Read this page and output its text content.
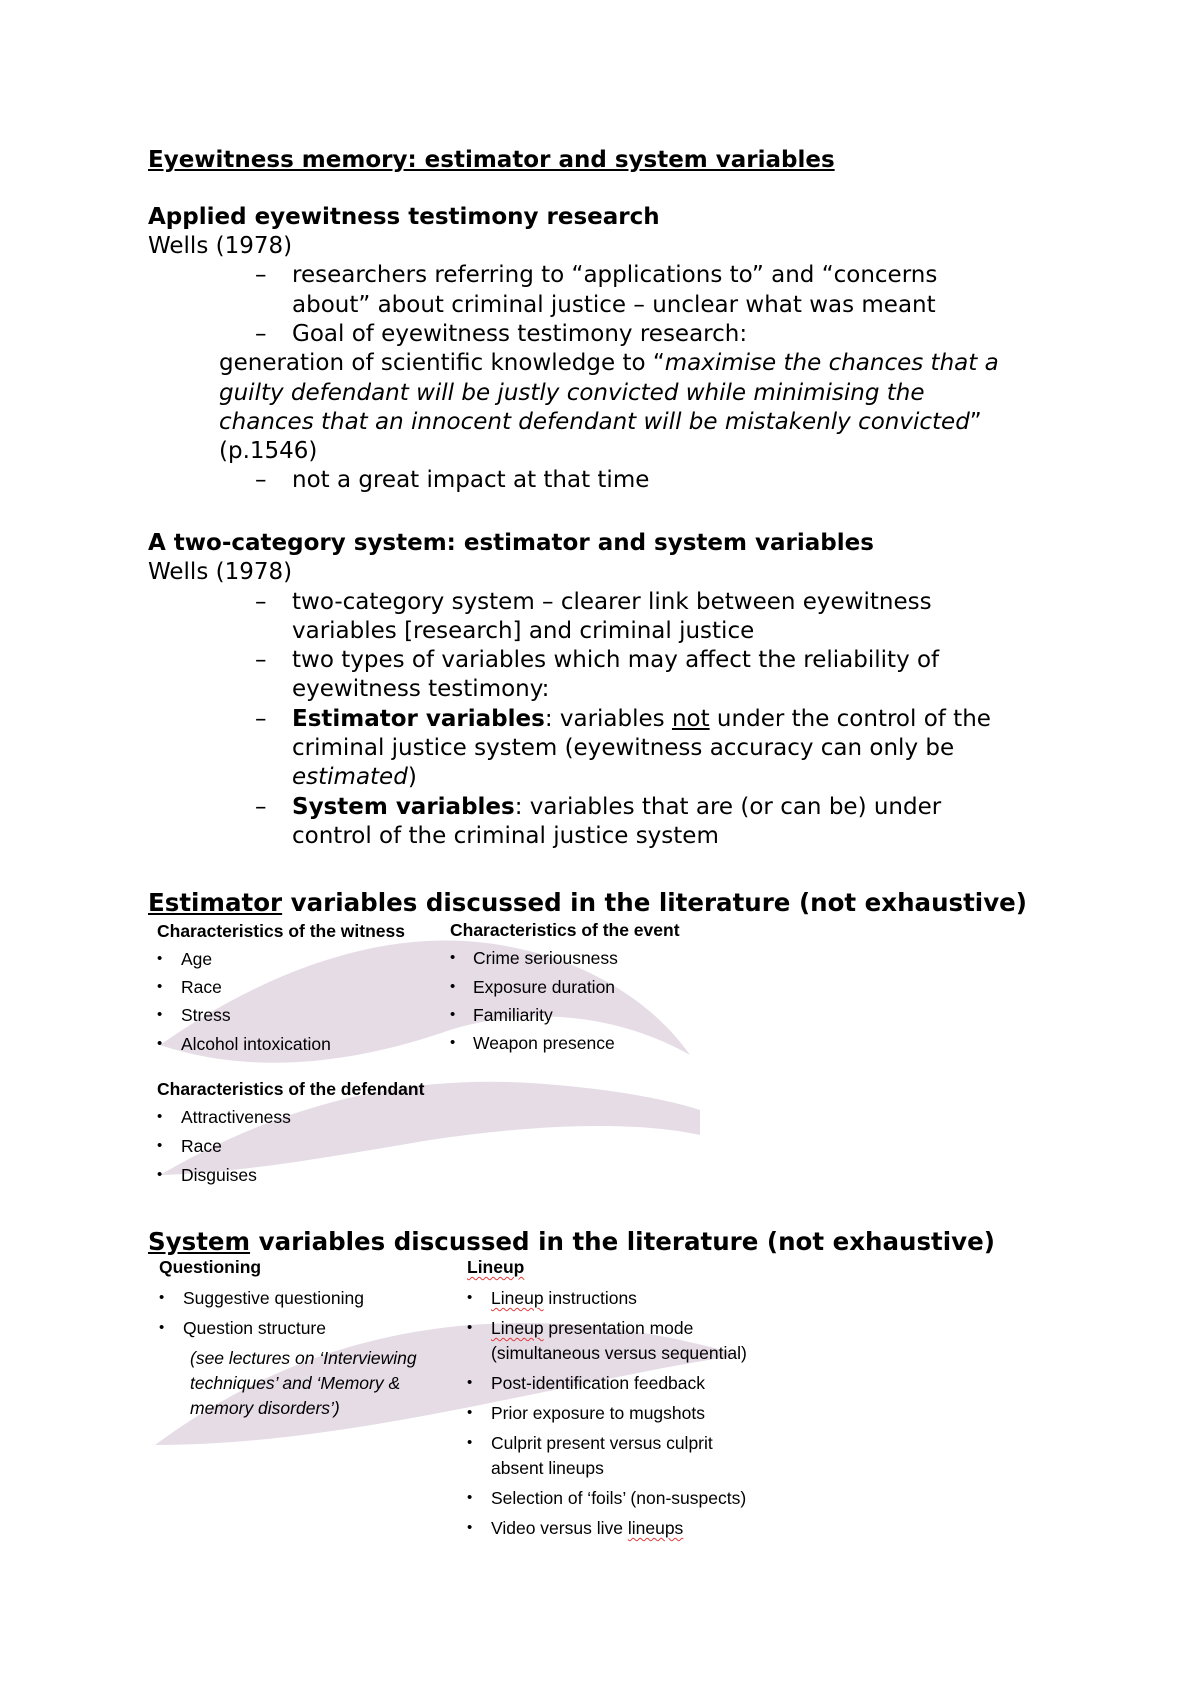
Eyewitness memory: estimator and system variables
Applied eyewitness testimony research
Wells (1978)
– researchers referring to “applications to” and “concerns
about” about criminal justice – unclear what was meant
– Goal of eyewitness testimony research:
generation of scientific knowledge to “maximise the chances that a
guilty defendant will be justly convicted while minimising the
chances that an innocent defendant will be mistakenly convicted”
(p.1546)
– not a great impact at that time
A two-category system: estimator and system variables
Wells (1978)
– two-category system – clearer link between eyewitness
variables [research] and criminal justice
– two types of variables which may affect the reliability of
eyewitness testimony:
– Estimator variables: variables not under the control of the
criminal justice system (eyewitness accuracy can only be
estimated)
– System variables: variables that are (or can be) under
control of the criminal justice system
Estimator variables discussed in the literature (not exhaustive)
Characteristics of the witness
• Age
• Race
• Stress
• Alcohol intoxication
Characteristics of the event
• Crime seriousness
• Exposure duration
• Familiarity
• Weapon presence
Characteristics of the defendant
• Attractiveness
• Race
• Disguises
System variables discussed in the literature (not exhaustive)
Questioning
• Suggestive questioning
• Question structure
(see lectures on ‘Interviewing
techniques’ and ‘Memory &
memory disorders’)
Lineup
• Lineup instructions
• Lineup presentation mode
(simultaneous versus sequential)
• Post-identification feedback
• Prior exposure to mugshots
• Culprit present versus culprit
absent lineups
• Selection of ‘foils’ (non-suspects)
• Video versus live lineups
